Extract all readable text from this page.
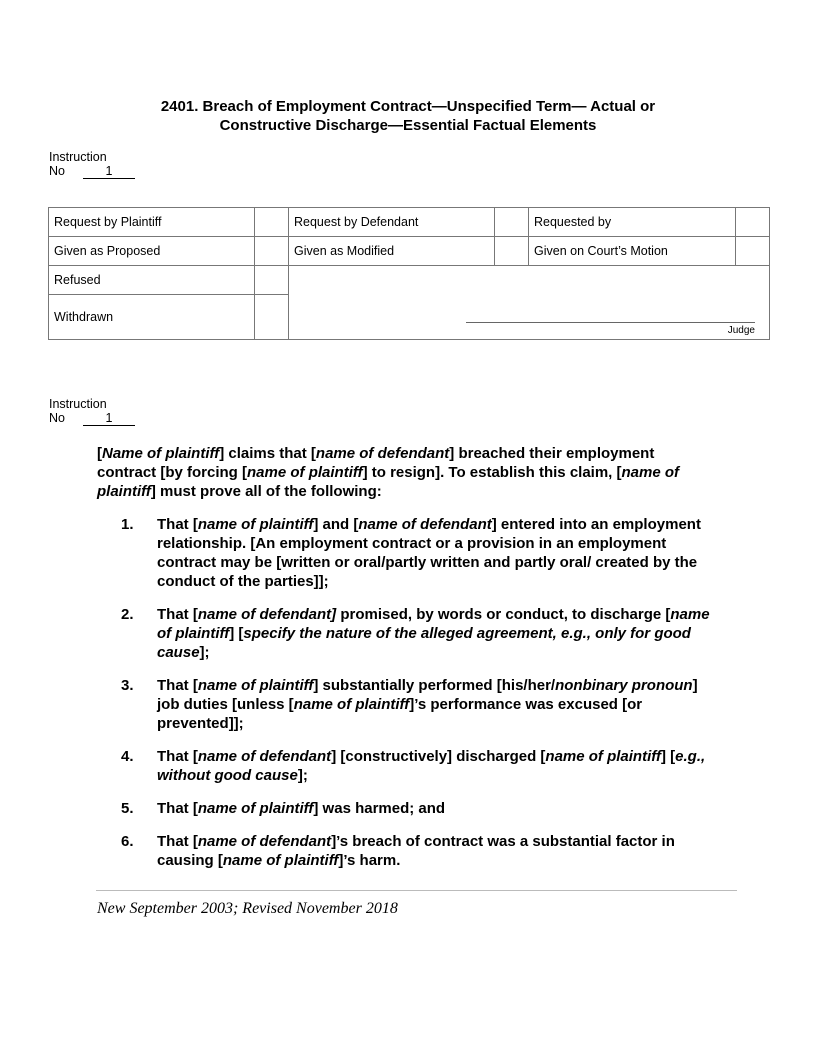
2401. Breach of Employment Contract—Unspecified Term— Actual or
Constructive Discharge—Essential Factual Elements
Instruction
No	1
Request by Plaintiff		Request by Defendant		Requested by	
Given as Proposed		Given as Modified		Given on Court’s Motion	
Refused		Judge			

Withdrawn					
Instruction
No	1

[Name of plaintiff] claims that [name of defendant] breached their employment contract [by forcing [name of plaintiff] to resign]. To establish this claim, [name of plaintiff] must prove all of the following:

1. That [name of plaintiff] and [name of defendant] entered into an employment relationship. [An employment contract or a provision in an employment contract may be [written or oral/partly written and partly oral/ created by the conduct of the parties]];
2. That [name of defendant] promised, by words or conduct, to discharge [name of plaintiff] [specify the nature of the alleged agreement, e.g., only for good cause];
3. That [name of plaintiff] substantially performed [his/her/nonbinary pronoun] job duties [unless [name of plaintiff]’s performance was excused [or prevented]];
4. That [name of defendant] [constructively] discharged [name of plaintiff] [e.g., without good cause];
5. That [name of plaintiff] was harmed; and
6. That [name of defendant]’s breach of contract was a substantial factor in causing [name of plaintiff]’s harm.
New September 2003; Revised November 2018
